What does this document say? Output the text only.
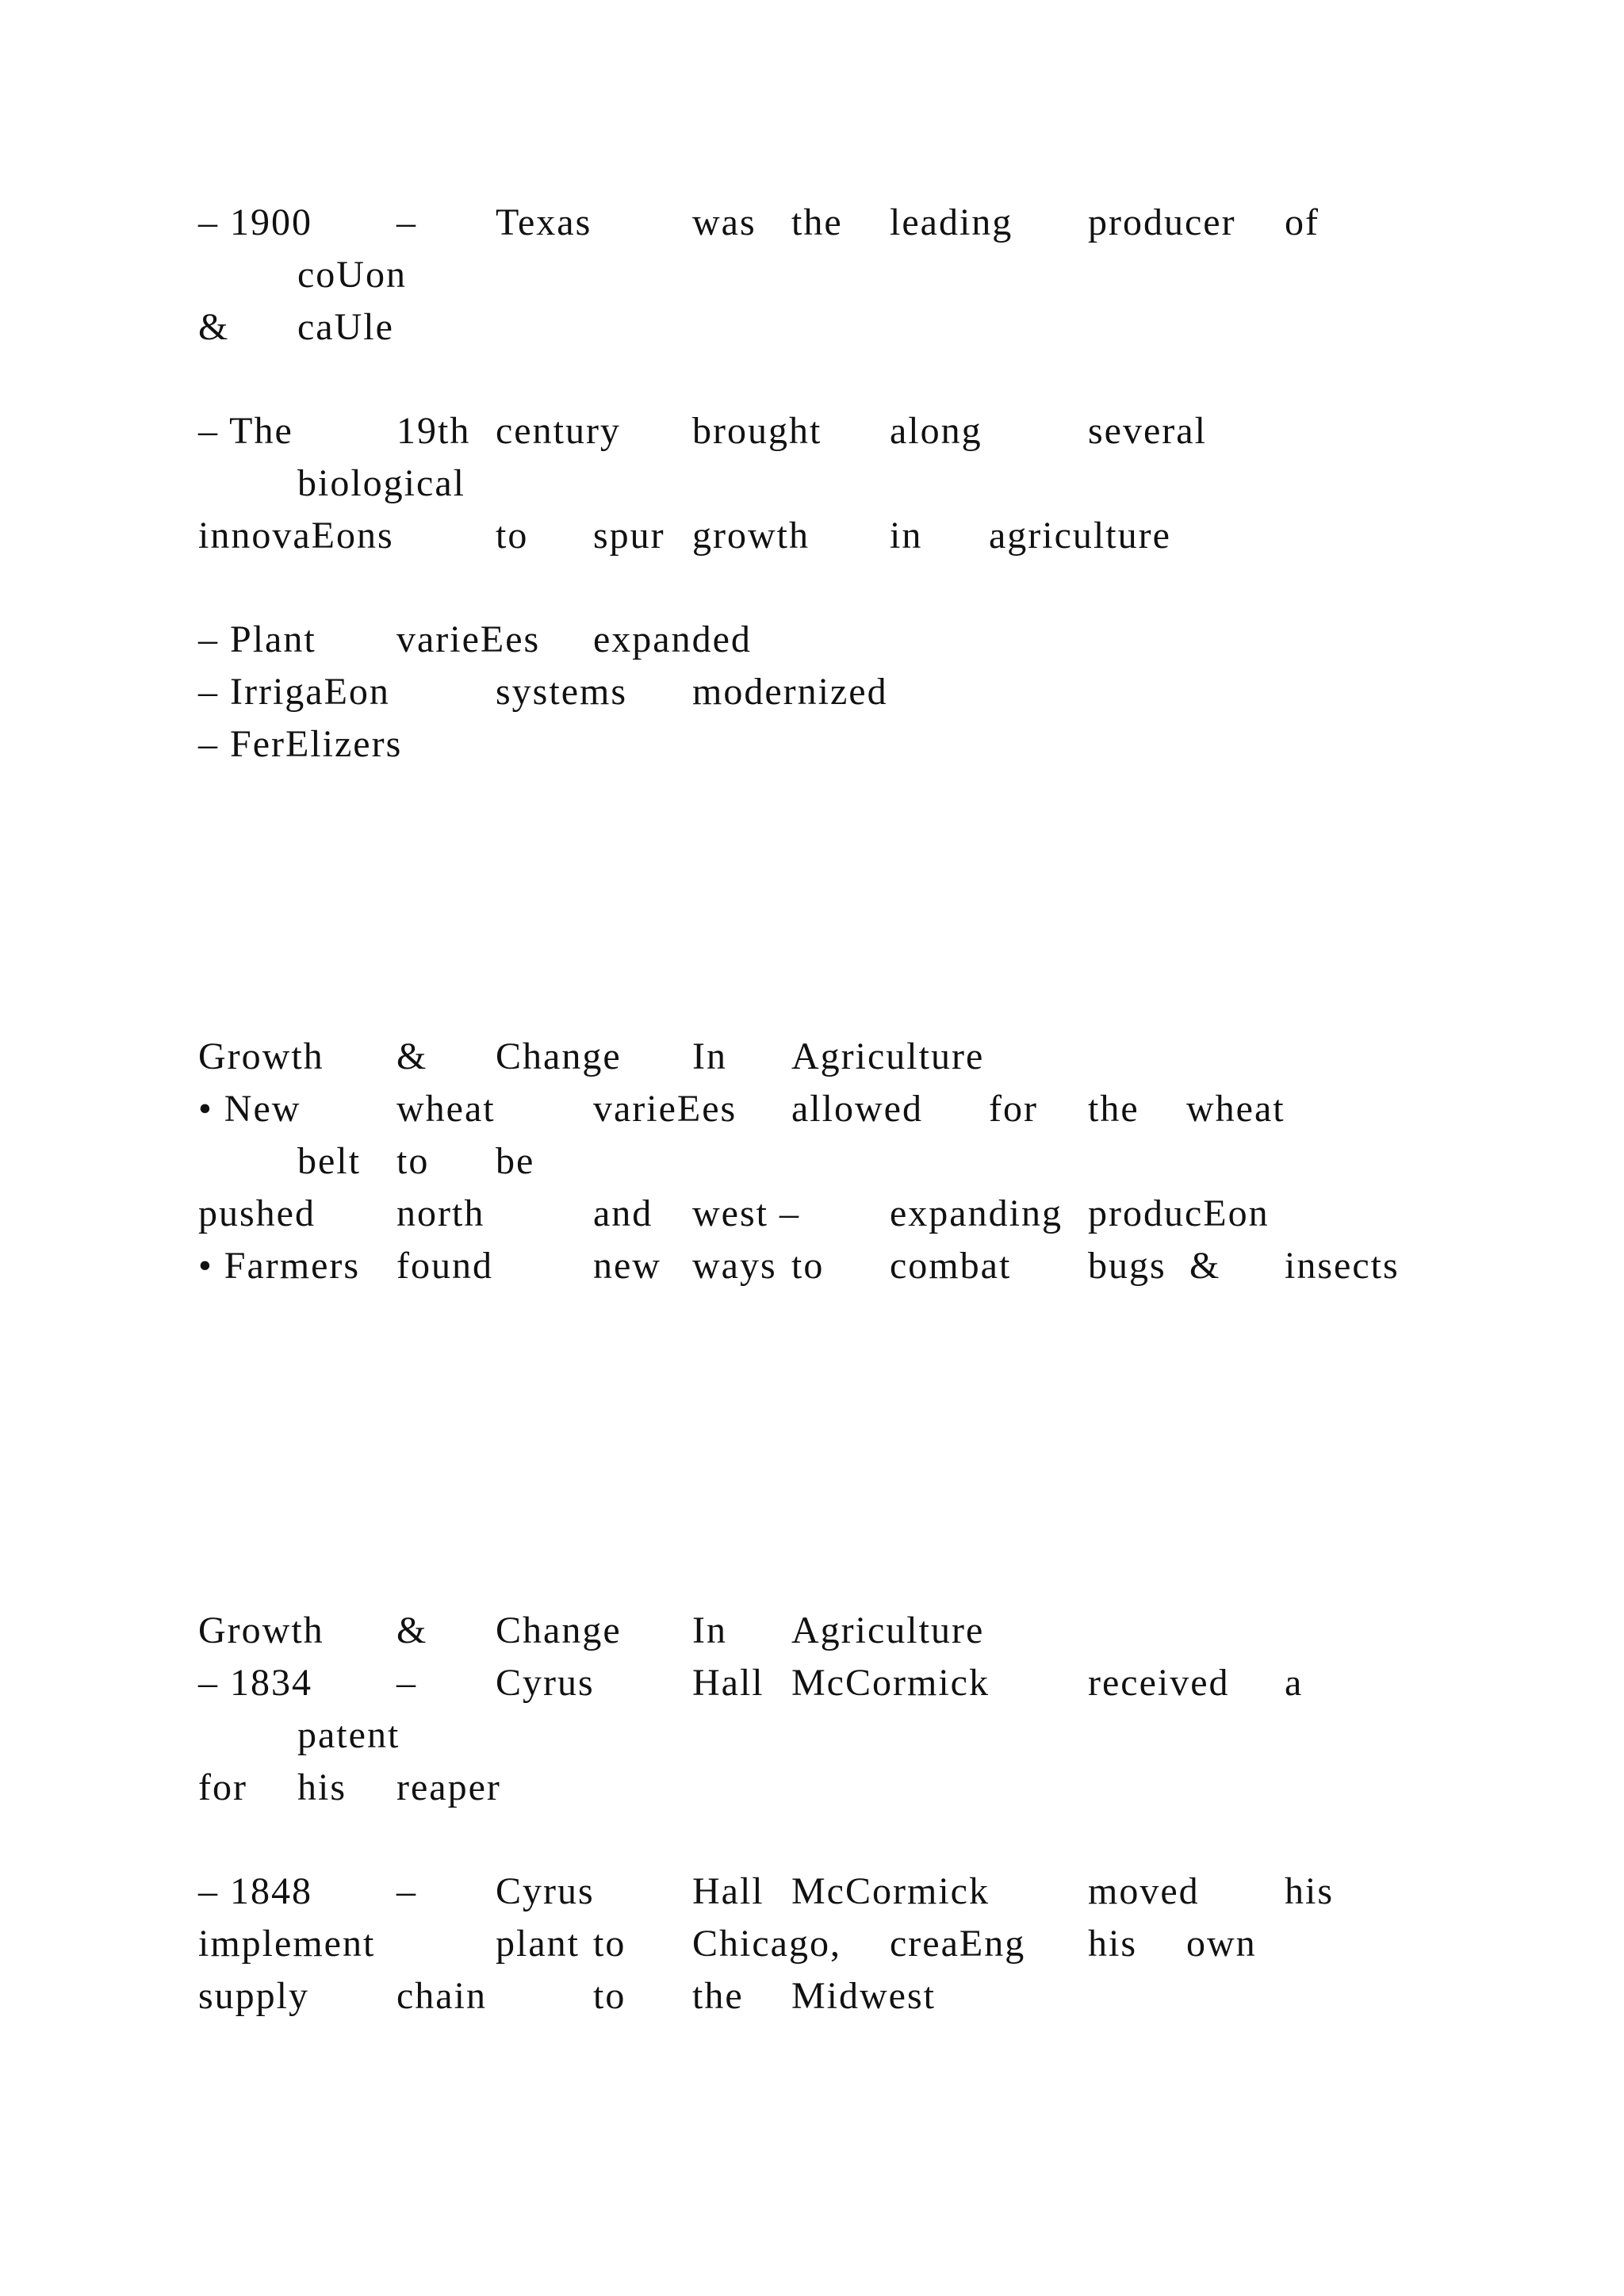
– 1900 – Texas	was the leading producer of
coUon
& caUle
– The	19th century brought along	several
biological
innovaEons	to spur growth in agriculture
– Plant varieEes expanded
– IrrigaEon	systems modernized
– FerElizers
Growth & Change In Agriculture
• New	wheat	varieEes allowed for the wheat
belt to be
pushed north	and west – expanding producEon
• Farmers found	new ways to combat bugs & insects
Growth & Change In Agriculture
– 1834 – Cyrus	Hall McCormick	received a
patent
for his reaper
– 1848 – Cyrus	Hall McCormick	moved his
implement	plant to Chicago, creaEng his own
supply chain	to the Midwest
